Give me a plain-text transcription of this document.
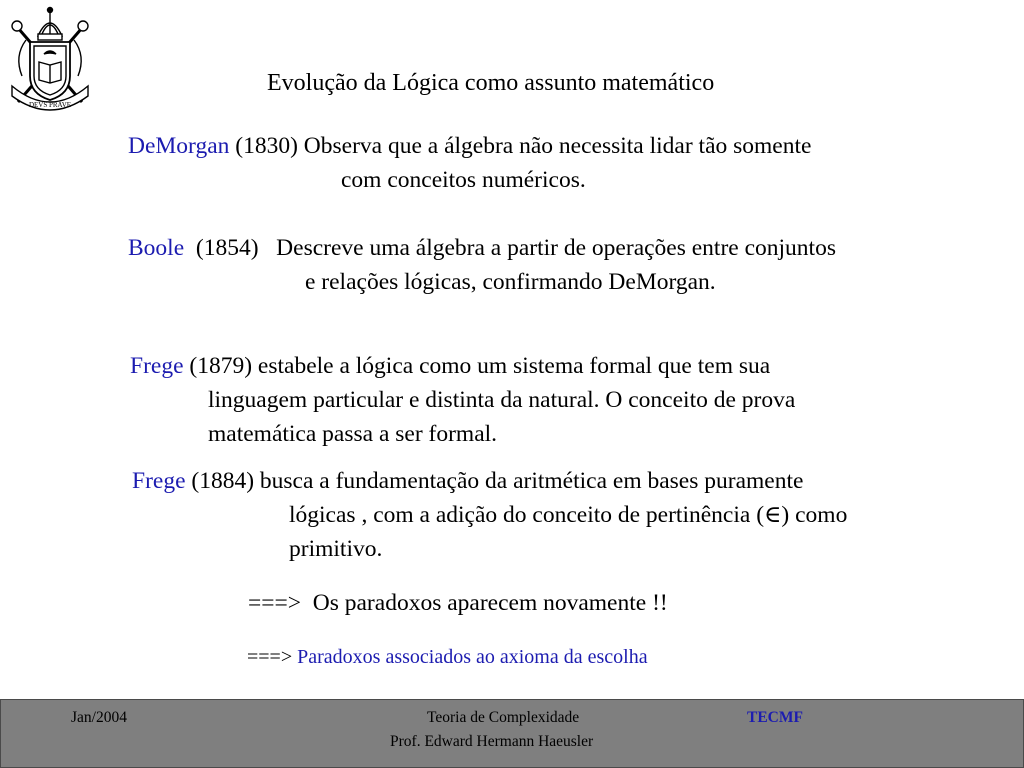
DEVS PRAVE
Evolução da Lógica como assunto matemático
DeMorgan (1830) Observa que a álgebra não necessita lidar tão somente
com conceitos numéricos.
Boole (1854)   Descreve uma álgebra a partir de operações entre conjuntos
e relações lógicas, confirmando DeMorgan.
Frege (1879) estabele a lógica como um sistema formal que tem sua
linguagem particular e distinta da natural. O conceito de prova
matemática passa a ser formal.
Frege (1884) busca a fundamentação da aritmética em bases puramente
lógicas , com a adição do conceito de pertinência (∈) como
primitivo.
===> Os paradoxos aparecem novamente !!
===> Paradoxos associados ao axioma da escolha
Jan/2004	Teoria de Complexidade	TECMF
Prof. Edward Hermann Haeusler
